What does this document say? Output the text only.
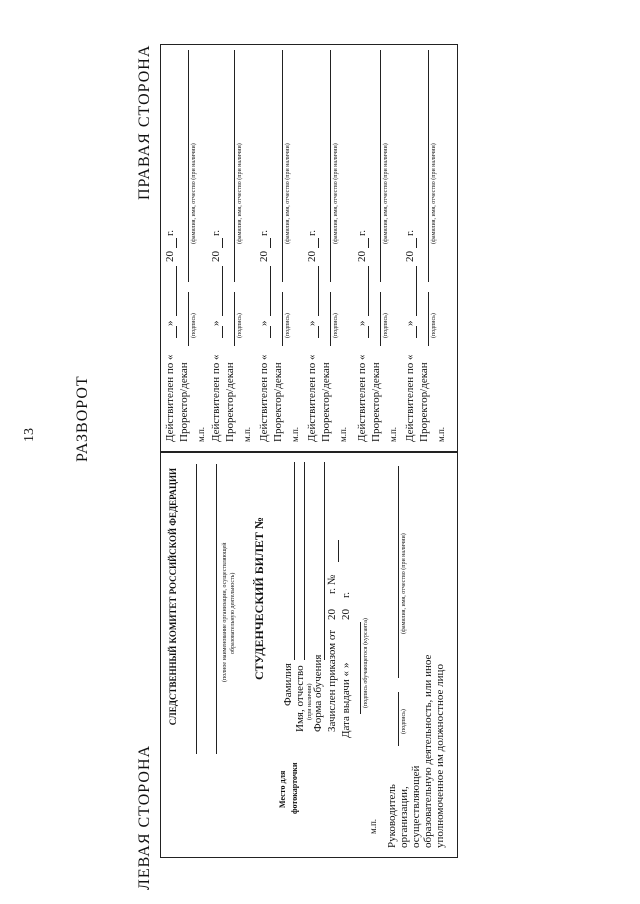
13 РАЗВОРОТ
ЛЕВАЯ СТОРОНА
ПРАВАЯ СТОРОНА
СЛЕДСТВЕННЫЙ КОМИТЕТ РОССИЙСКОЙ ФЕДЕРАЦИИ	(полное наименование организации, осуществляющей образовательную деятельность)
Место для фотокарточки
СТУДЕНЧЕСКИЙ БИЛЕТ №
Фамилия Имя, отчество (при наличии) Форма обучения Зачислен приказом от
20
г. №
Дата выдачи «
»
20
г.
(подпись обучающегося (курсанта)
м.п. Руководитель организации, осуществляющей образовательную деятельность, или иное уполномоченное им должностное лицо
(подпись)
(фамилия, имя, отчество (при наличии)
Действителен по «
»
20
г.
Проректор/декан
(подпись)
(фамилия, имя, отчество (при наличии)
м.п. Действителен по «
»
20
г.
Проректор/декан
(подпись)
(фамилия, имя, отчество (при наличии)
м.п. Действителен по «
»
20
г.
Проректор/декан
(подпись)
(фамилия, имя, отчество (при наличии)
м.п. Действителен по «
»
20
г.
Проректор/декан
(подпись)
(фамилия, имя, отчество (при наличии)
м.п. Действителен по «
»
20
г.
Проректор/декан
(подпись)
(фамилия, имя, отчество (при наличии)
м.п. Действителен по «
»
20
г.
Проректор/декан
(подпись)
(фамилия, имя, отчество (при наличии)
м.п.
